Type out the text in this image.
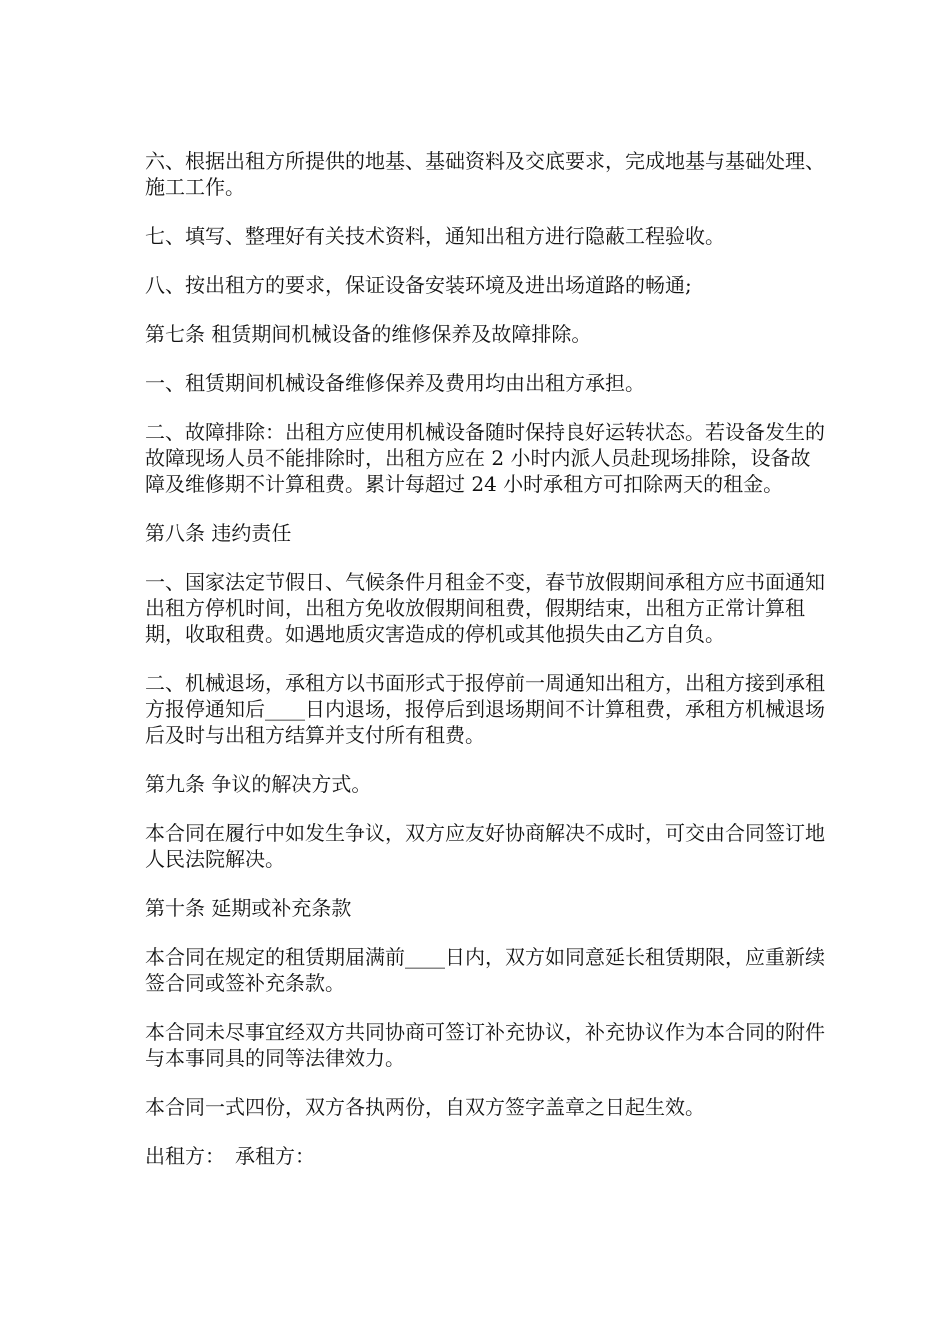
六、根据出租方所提供的地基、基础资料及交底要求，完成地基与基础处理、施工工作。

七、填写、整理好有关技术资料，通知出租方进行隐蔽工程验收。

八、按出租方的要求，保证设备安装环境及进出场道路的畅通;

第七条 租赁期间机械设备的维修保养及故障排除。

一、租赁期间机械设备维修保养及费用均由出租方承担。

二、故障排除：出租方应使用机械设备随时保持良好运转状态。若设备发生的故障现场人员不能排除时，出租方应在 2 小时内派人员赴现场排除，设备故障及维修期不计算租费。累计每超过 24 小时承租方可扣除两天的租金。

第八条 违约责任

一、国家法定节假日、气候条件月租金不变，春节放假期间承租方应书面通知出租方停机时间，出租方免收放假期间租费，假期结束，出租方正常计算租期，收取租费。如遇地质灾害造成的停机或其他损失由乙方自负。

二、机械退场，承租方以书面形式于报停前一周通知出租方，出租方接到承租方报停通知后____日内退场，报停后到退场期间不计算租费，承租方机械退场后及时与出租方结算并支付所有租费。

第九条 争议的解决方式。

本合同在履行中如发生争议，双方应友好协商解决不成时，可交由合同签订地人民法院解决。

第十条 延期或补充条款

本合同在规定的租赁期届满前____日内，双方如同意延长租赁期限，应重新续签合同或签补充条款。

本合同未尽事宜经双方共同协商可签订补充协议，补充协议作为本合同的附件与本事同具的同等法律效力。

本合同一式四份，双方各执两份，自双方签字盖章之日起生效。

出租方：　承租方：
